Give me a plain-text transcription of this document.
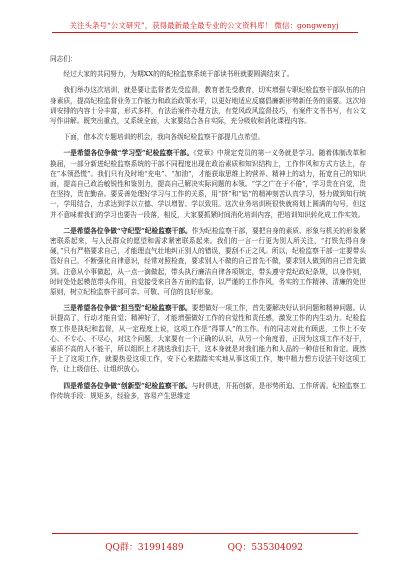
关注头条号“公文研究”，获得最新最全最专业的公文资料库！ 微信：gongwenyj

同志们：

经过大家的共同努力，为期XX的的纪检监察系统干部读书班就要圆满结束了。

我们举办这次培训，就是要让监督者先受监督，教育者先受教育，切实增强专职纪检监察干部队伍的自身素质，提高纪检监督业务工作能力和政治政策水平，以更好地适应反腐倡廉新形势新任务的需要。这次培训安排的内容十分丰富，形式多样，有法治案件办理方法，有党风政风监督技巧，有案件文书书写，有公文写作讲解。既突出重点，又系统全面，大家要结合各自实际，充分吸收和消化课程内容。

下面，借本次专题培训的机会，我向各级纪检监察干部提几点希望。

一是希望各位争做“学习型”纪检监察干部。《党章》中规定党员的第一义务就是学习。随着体制改革和换届，一部分新进纪检监察系统的干部不同程度出现在政治素质和知识结构上，工作作风和方式方法上，存在“本领恐慌”。我们只有及时地“充电”、“加油”，才能获取思维上的营养、精神上的动力，拓宽自己的知识面，提高自己政治敏锐性和鉴别力，提高自己解决实际问题的本领。“学之广在于不倦”，学习贵在自觉，贵在坚持，贵在勤奋。要妥善处理好学习与工作的关系，用“挤”和“钻”的精神刻苦认真学习，努力做到知行统一，学用结合，力求达到学以立德、学以增智、学以致用。这次业务培训班很快就将划上圆满的句号，但这并不意味着我们的学习也要告一段落，相反，大家要抓紧时间消化培训内容，把培训知识转化成工作实效。

二是希望各位争做“守纪型”纪检监察干部。作为纪检监察干部，要把自身的素质、形象与机关的形象紧密联系起来，与人民群众的愿望和需求紧密联系起来。我们的一言一行更为别人所关注，“打铁先得自身硬，”只有严格要求自己，才能理直气壮地纠正别人的错误，要刮不正之风。所以，纪检监察干部一定要带头管好自己，不断强化自律意识，经常对照检查，要求别人不做的自己首先不做，要求别人做到的自己首先做到。注意从小事做起，从一点一滴做起，带头执行廉洁自律各项规定，带头遵守党纪政纪条规，以身作则，时时处处起模范带头作用，自觉接受来自各方面的监督，以严谨的工作作风，务实的工作精神、清廉的处世原则，树立纪检监察干部可亲、可敬、可信的良好形象。

三是希望各位争做“担当型”纪检监察干部。要想做好一项工作，首先要解决好认识问题和精神问题。认识提高了，行动才能自觉；精神好了，才能增强做好工作的自觉性和责任感，激发工作的内生动力。纪检监察工作是执纪和监督，从一定程度上说，这项工作是“得罪人”的工作。有的同志对此有顾虑，工作上不安心、不专心、不尽心，对这个问题，大家要有一个正确的认识，从另一个角度看，正因为这项工作不好干，素质不高的人不能干，所以组织上才挑选我们去干，这本身就是对我们能力和人品的一种信任和肯定。既然干上了这项工作，就要热爱这项工作，安下心来踏踏实实地从事这项工作，集中精力想方设法干好这项工作，让上级信任、让组织放心。

四是希望各位争做“创新型”纪检监察干部。与时俱进，开拓创新，是形势所迫、工作所需。纪检监察工作传统手段：规矩多，经验多，容易产生思维定

QQ群：31991489	QQ：535304092
